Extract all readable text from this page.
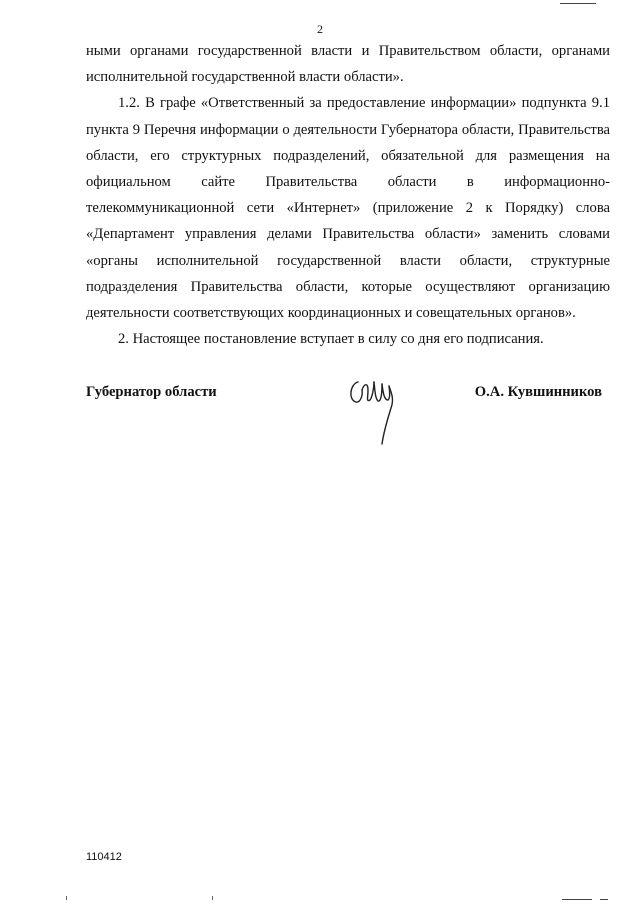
2

ными органами государственной власти и Правительством области, органами исполнительной государственной власти области».

1.2. В графе «Ответственный за предоставление информации» подпункта 9.1 пункта 9 Перечня информации о деятельности Губернатора области, Правительства области, его структурных подразделений, обязательной для размещения на официальном сайте Правительства области в информационно-телекоммуникационной сети «Интернет» (приложение 2 к Порядку) слова «Департамент управления делами Правительства области» заменить словами «органы исполнительной государственной власти области, структурные подразделения Правительства области, которые осуществляют организацию деятельности соответствующих координационных и совещательных органов».

2. Настоящее постановление вступает в силу со дня его подписания.

Губернатор области	О.А. Кувшинников
110412
